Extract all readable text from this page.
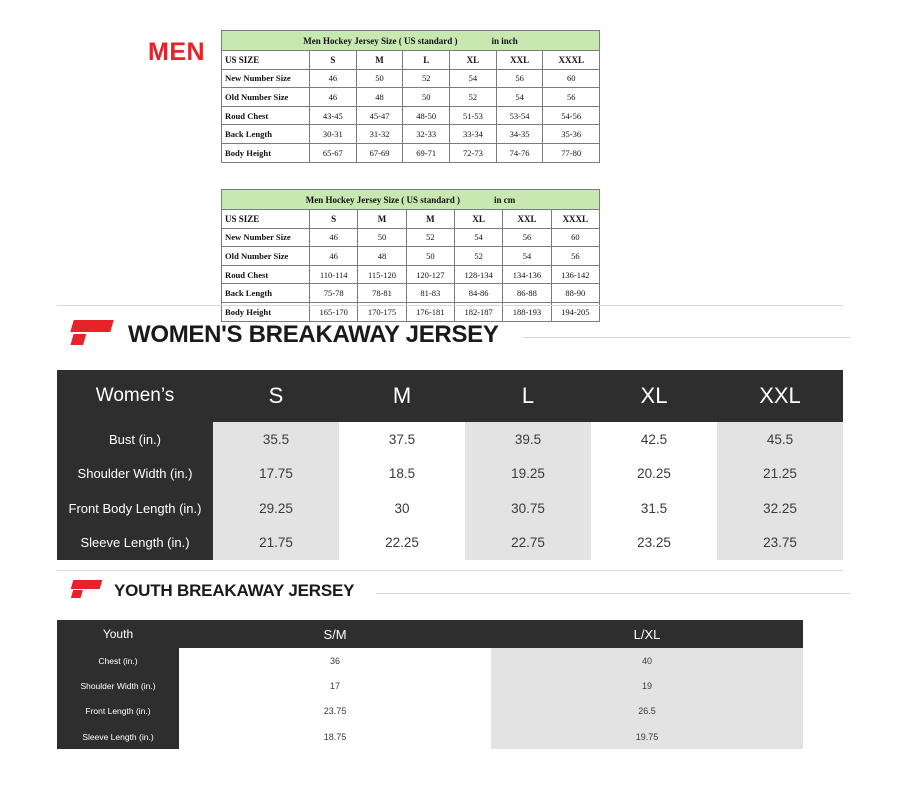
MEN	Men Hockey Jersey Size ( US standard ) in inch						

US SIZE	S	M	L	XL	XXL	XXXL
New Number Size	46	50	52	54	56	60
Old Number Size	46	48	50	52	54	56
Roud Chest	43-45	45-47	48-50	51-53	53-54	54-56
Back Length	30-31	31-32	32-33	33-34	34-35	35-36
Body Height	65-67	67-69	69-71	72-73	74-76	77-80
Men Hockey Jersey Size ( US standard ) in cm						

US SIZE	S	M	M	XL	XXL	XXXL
New Number Size	46	50	52	54	56	60
Old Number Size	46	48	50	52	54	56
Roud Chest	110-114	115-120	120-127	128-134	134-136	136-142
Back Length	75-78	78-81	81-83	84-86	86-88	88-90
Body Height	165-170	170-175	176-181	182-187	188-193	194-205
WOMEN'S BREAKAWAY JERSEY
Women’s	S	M	L	XL	XXL
Bust (in.)	35.5	37.5	39.5	42.5	45.5
Shoulder Width (in.)	17.75	18.5	19.25	20.25	21.25
Front Body Length (in.)	29.25	30	30.75	31.5	32.25
Sleeve Length (in.)	21.75	22.25	22.75	23.25	23.75
YOUTH BREAKAWAY JERSEY
Youth	S/M	L/XL
Chest (in.)	36	40
Shoulder Width (in.)	17	19
Front Length (in.)	23.75	26.5
Sleeve Length (in.)	18.75	19.75
